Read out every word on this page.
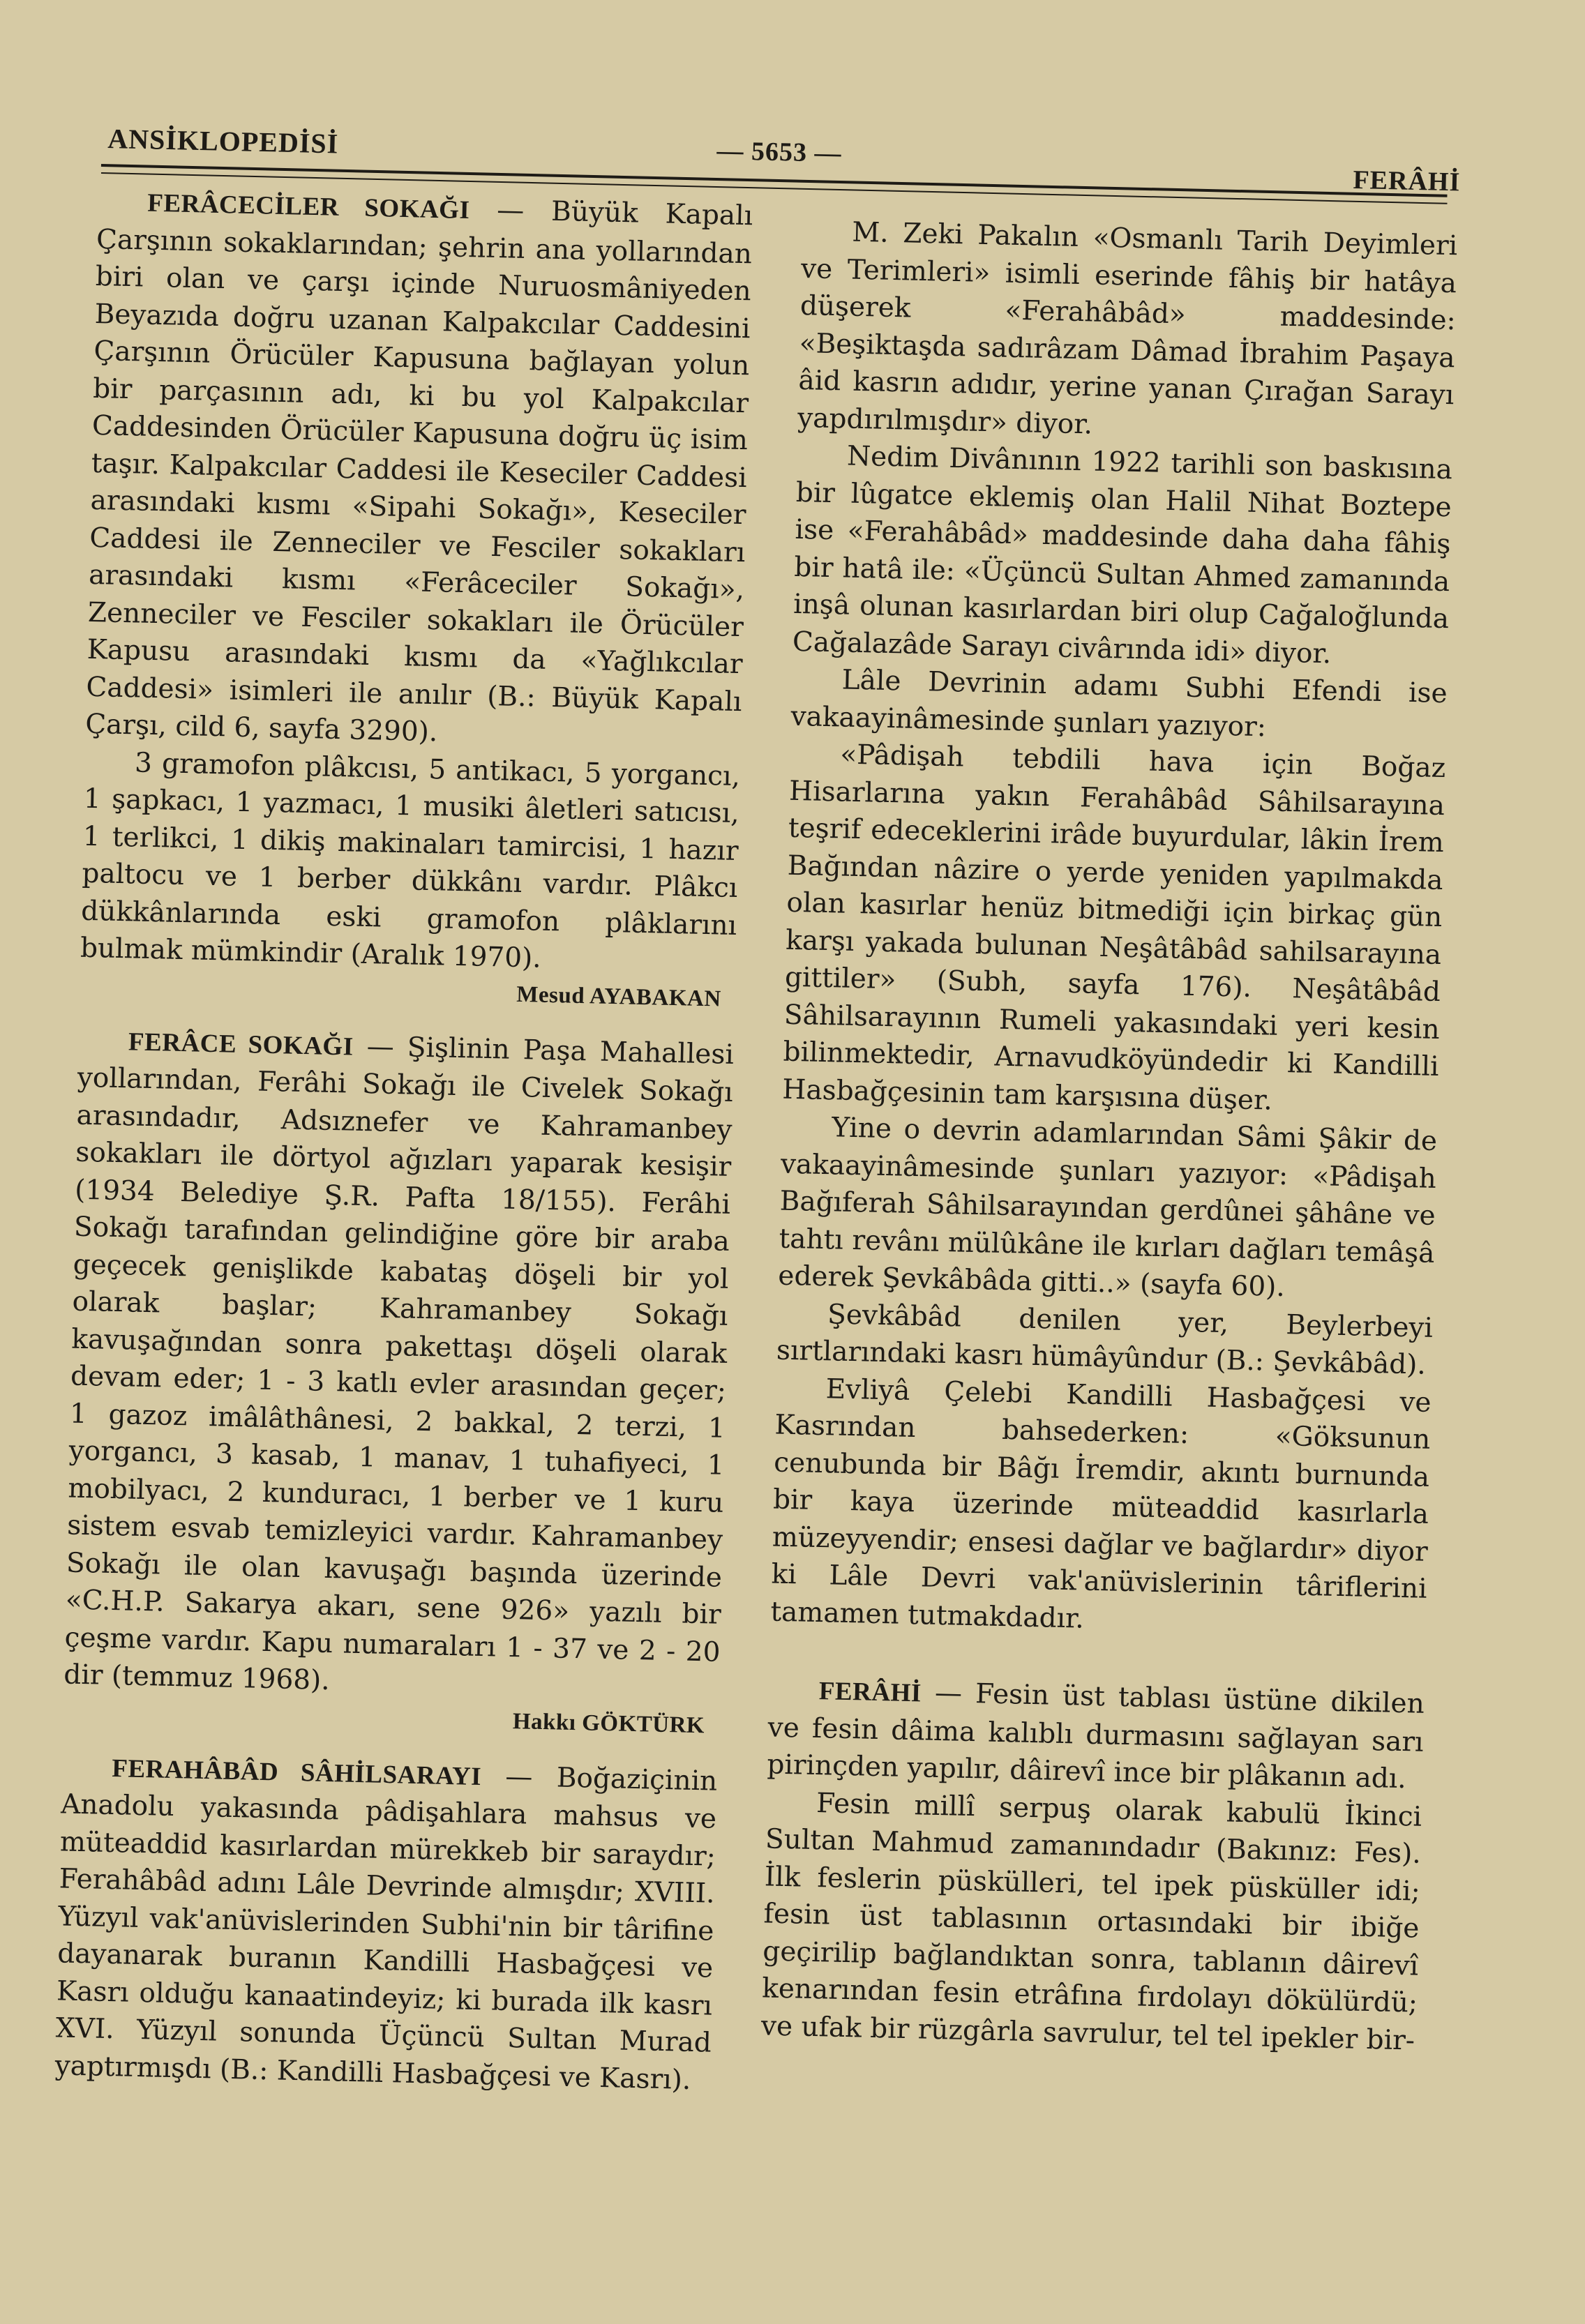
ANSİKLOPEDİSİ	— 5653 —
FERÂHİ

FERÂCECİLER SOKAĞI — Büyük Kapalı Çarşının sokaklarından; şehrin ana yollarından biri olan ve çarşı içinde Nuruosmâniyeden Beyazıda doğru uzanan Kalpakcılar Caddesini Çarşının Örücüler Kapusuna bağlayan yolun bir parçasının adı, ki bu yol Kalpakcılar Caddesinden Örücüler Kapusuna doğru üç isim taşır. Kalpakcılar Caddesi ile Keseciler Caddesi arasındaki kısmı «Sipahi Sokağı», Keseciler Caddesi ile Zenneciler ve Fesciler sokakları arasındaki kısmı «Ferâceciler Sokağı», Zenneciler ve Fesciler sokakları ile Örücüler Kapusu arasındaki kısmı da «Yağlıkcılar Caddesi» isimleri ile anılır (B.: Büyük Kapalı Çarşı, cild 6, sayfa 3290).

3 gramofon plâkcısı, 5 antikacı, 5 yorgancı, 1 şapkacı, 1 yazmacı, 1 musiki âletleri satıcısı, 1 terlikci, 1 dikiş makinaları tamircisi, 1 hazır paltocu ve 1 berber dükkânı vardır. Plâkcı dükkânlarında eski gramofon plâklarını bulmak mümkindir (Aralık 1970).

Mesud AYABAKAN

FERÂCE SOKAĞI — Şişlinin Paşa Mahallesi yollarından, Ferâhi Sokağı ile Civelek Sokağı arasındadır, Adsıznefer ve Kahramanbey sokakları ile dörtyol ağızları yaparak kesişir (1934 Belediye Ş.R. Pafta 18/155). Ferâhi Sokağı tarafından gelindiğine göre bir araba geçecek genişlikde kabataş döşeli bir yol olarak başlar; Kahramanbey Sokağı kavuşağından sonra pakettaşı döşeli olarak devam eder; 1 - 3 katlı evler arasından geçer; 1 gazoz imâlâthânesi, 2 bakkal, 2 terzi, 1 yorgancı, 3 kasab, 1 manav, 1 tuhafiyeci, 1 mobilyacı, 2 kunduracı, 1 berber ve 1 kuru sistem esvab temizleyici vardır. Kahramanbey Sokağı ile olan kavuşağı başında üzerinde «C.H.P. Sakarya akarı, sene 926» yazılı bir çeşme vardır. Kapu numaraları 1 - 37 ve 2 - 20 dir (temmuz 1968).

Hakkı GÖKTÜRK

FERAHÂBÂD SÂHİLSARAYI — Boğaziçinin Anadolu yakasında pâdişahlara mahsus ve müteaddid kasırlardan mürekkeb bir saraydır; Ferahâbâd adını Lâle Devrinde almışdır; XVIII. Yüzyıl vak'anüvislerinden Subhi'nin bir târifine dayanarak buranın Kandilli Hasbağçesi ve Kasrı olduğu kanaatindeyiz; ki burada ilk kasrı XVI. Yüzyıl sonunda Üçüncü Sultan Murad yaptırmışdı (B.: Kandilli Hasbağçesi ve Kasrı).

M. Zeki Pakalın «Osmanlı Tarih Deyimleri ve Terimleri» isimli eserinde fâhiş bir hatâya düşerek «Ferahâbâd» maddesinde: «Beşiktaşda sadırâzam Dâmad İbrahim Paşaya âid kasrın adıdır, yerine yanan Çırağan Sarayı yapdırılmışdır» diyor.

Nedim Divânının 1922 tarihli son baskısına bir lûgatce eklemiş olan Halil Nihat Boztepe ise «Ferahâbâd» maddesinde daha daha fâhiş bir hatâ ile: «Üçüncü Sultan Ahmed zamanında inşâ olunan kasırlardan biri olup Cağaloğlunda Cağalazâde Sarayı civârında idi» diyor.

Lâle Devrinin adamı Subhi Efendi ise vakaayinâmesinde şunları yazıyor:

«Pâdişah tebdili hava için Boğaz Hisarlarına yakın Ferahâbâd Sâhilsarayına teşrif edeceklerini irâde buyurdular, lâkin İrem Bağından nâzire o yerde yeniden yapılmakda olan kasırlar henüz bitmediği için birkaç gün karşı yakada bulunan Neşâtâbâd sahilsarayına gittiler» (Subh, sayfa 176). Neşâtâbâd Sâhilsarayının Rumeli yakasındaki yeri kesin bilinmektedir, Arnavudköyündedir ki Kandilli Hasbağçesinin tam karşısına düşer.

Yine o devrin adamlarından Sâmi Şâkir de vakaayinâmesinde şunları yazıyor: «Pâdişah Bağıferah Sâhilsarayından gerdûnei şâhâne ve tahtı revânı mülûkâne ile kırları dağları temâşâ ederek Şevkâbâda gitti..» (sayfa 60).

Şevkâbâd denilen yer, Beylerbeyi sırtlarındaki kasrı hümâyûndur (B.: Şevkâbâd).

Evliyâ Çelebi Kandilli Hasbağçesi ve Kasrından bahsederken: «Göksunun cenubunda bir Bâğı İremdir, akıntı burnunda bir kaya üzerinde müteaddid kasırlarla müzeyyendir; ensesi dağlar ve bağlardır» diyor ki Lâle Devri vak'anüvislerinin târiflerini tamamen tutmakdadır.

FERÂHİ — Fesin üst tablası üstüne dikilen ve fesin dâima kalıblı durmasını sağlayan sarı pirinçden yapılır, dâirevî ince bir plâkanın adı.

Fesin millî serpuş olarak kabulü İkinci Sultan Mahmud zamanındadır (Bakınız: Fes). İlk feslerin püskülleri, tel ipek püsküller idi; fesin üst tablasının ortasındaki bir ibiğe geçirilip bağlandıktan sonra, tablanın dâirevî kenarından fesin etrâfına fırdolayı dökülürdü; ve ufak bir rüzgârla savrulur, tel tel ipekler bir-
